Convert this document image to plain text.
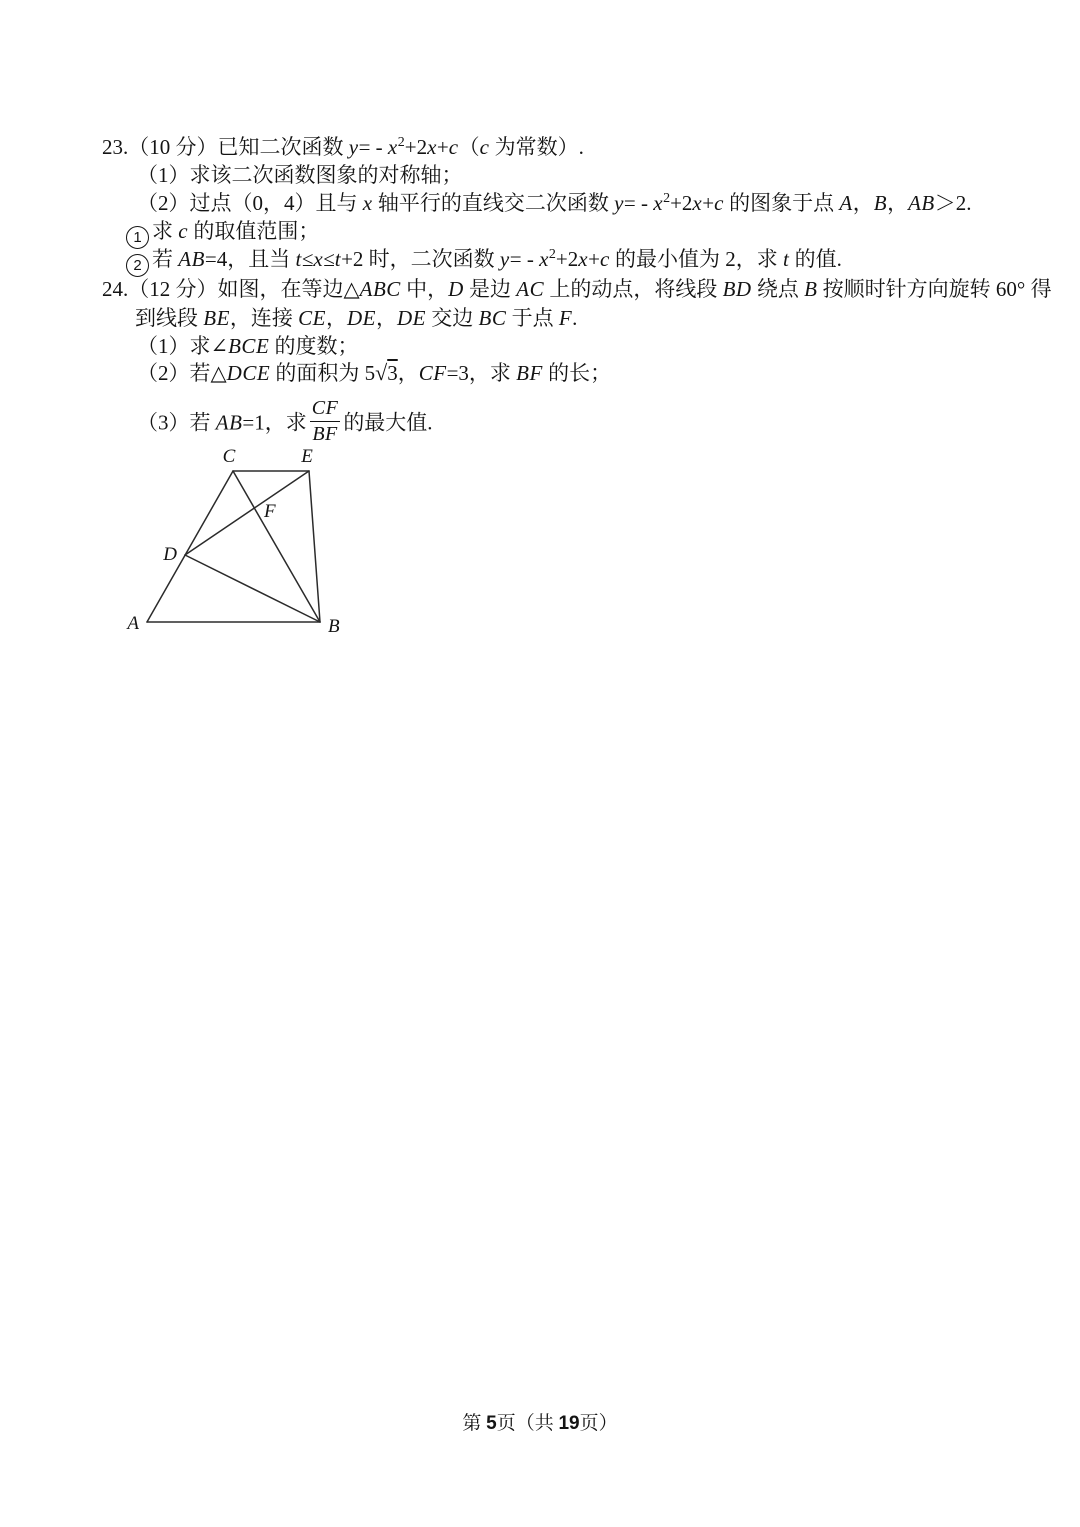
23.（10 分）已知二次函数 $y= - x^2+2x+c(c$ 为常数）.
（1）求该二次函数图象的对称轴；
（2）过点（0，4）且与 x 轴平行的直线交二次函数 $y= - x^2+2x+c$ 的图象于点 A，B，AB＞2.
1 求 c 的取值范围；
2 若 AB=4，且当 t≤x≤t+2 时，二次函数 $y= - x^2+2x+c$ 的最小值为 2，求 t 的值.
24.（12 分）如图，在等边△ABC 中，D 是边 AC 上的动点，将线段 BD 绕点 B 按顺时针方向旋转 60° 得
到线段 BE，连接 CE，DE，DE 交边 BC 于点 F.
（1）求∠BCE 的度数；
（2）若△DCE 的面积为 5√3，CF=3，求 BF 的长；
（3）若 AB=1，求 $\frac{CF}{BF}$ 的最大值.
C	E
F
D
A	B
第 5页（共 19页）
